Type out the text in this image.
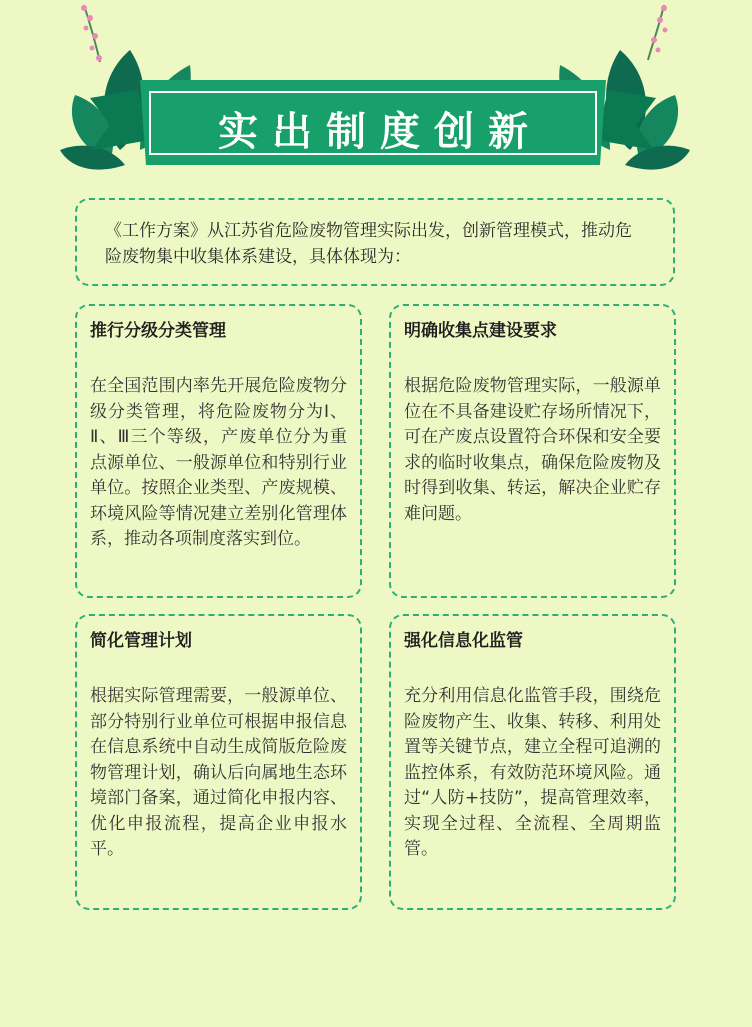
实出制度创新
《工作方案》从江苏省危险废物管理实际出发，创新管理模式，推动危险废物集中收集体系建设，具体体现为：
推行分级分类管理
在全国范围内率先开展危险废物分级分类管理，将危险废物分为Ⅰ、Ⅱ、Ⅲ三个等级，产废单位分为重点源单位、一般源单位和特别行业单位。按照企业类型、产废规模、环境风险等情况建立差别化管理体系，推动各项制度落实到位。
明确收集点建设要求
根据危险废物管理实际，一般源单位在不具备建设贮存场所情况下，可在产废点设置符合环保和安全要求的临时收集点，确保危险废物及时得到收集、转运，解决企业贮存难问题。
简化管理计划
根据实际管理需要，一般源单位、部分特别行业单位可根据申报信息在信息系统中自动生成简版危险废物管理计划，确认后向属地生态环境部门备案，通过简化申报内容、优化申报流程，提高企业申报水平。
强化信息化监管
充分利用信息化监管手段，围绕危险废物产生、收集、转移、利用处置等关键节点，建立全程可追溯的监控体系，有效防范环境风险。通过“人防+技防”，提高管理效率，实现全过程、全流程、全周期监管。
